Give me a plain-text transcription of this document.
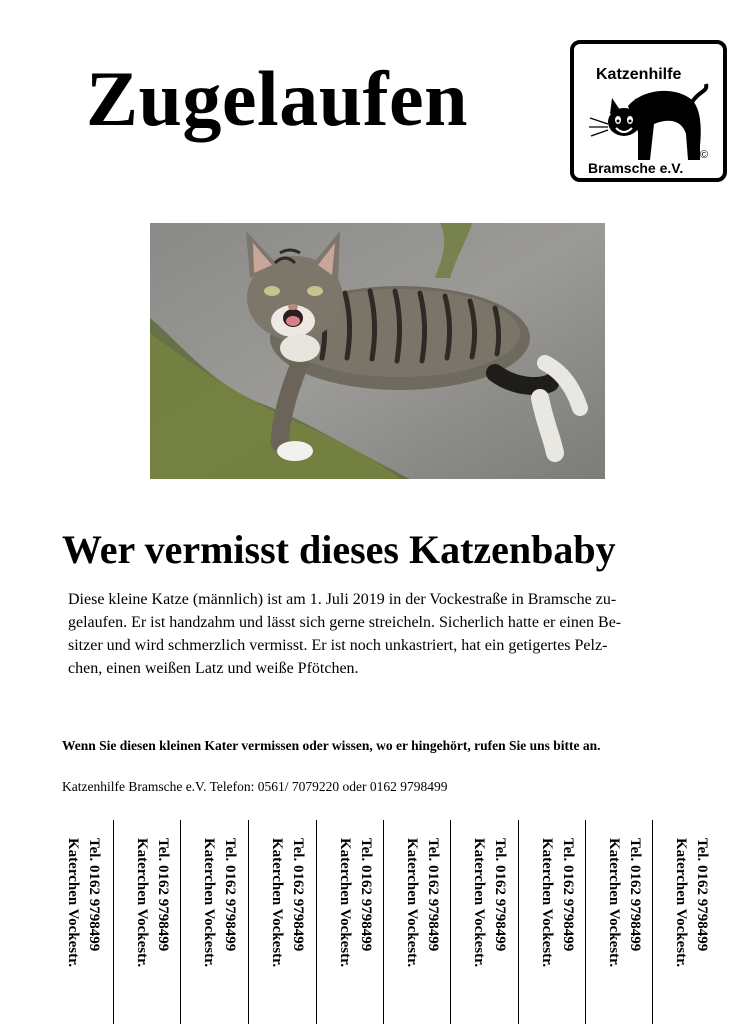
Zugelaufen	Katzenhilfe
©
Bramsche e.V.
Wer vermisst dieses Katzenbaby
Diese kleine Katze (männlich) ist am 1. Juli 2019 in der Vockestraße in Bramsche zu-
gelaufen. Er ist handzahm und lässt sich gerne streicheln. Sicherlich hatte er einen Be-
sitzer und wird schmerzlich vermisst. Er ist noch unkastriert, hat ein getigertes Pelz-
chen, einen weißen Latz und weiße Pfötchen.
Wenn Sie diesen kleinen Kater vermissen oder wissen, wo er hingehört, rufen Sie uns bitte an.
Katzenhilfe Bramsche e.V. Telefon: 0561/ 7079220 oder 0162 9798499
Tel. 0162 9798499
Katerchen Vockestr.	Tel. 0162 9798499
Katerchen Vockestr.	Tel. 0162 9798499
Katerchen Vockestr.	Tel. 0162 9798499
Katerchen Vockestr.	Tel. 0162 9798499
Katerchen Vockestr.	Tel. 0162 9798499
Katerchen Vockestr.	Tel. 0162 9798499
Katerchen Vockestr.	Tel. 0162 9798499
Katerchen Vockestr.	Tel. 0162 9798499
Katerchen Vockestr.	Tel. 0162 9798499
Katerchen Vockestr.
